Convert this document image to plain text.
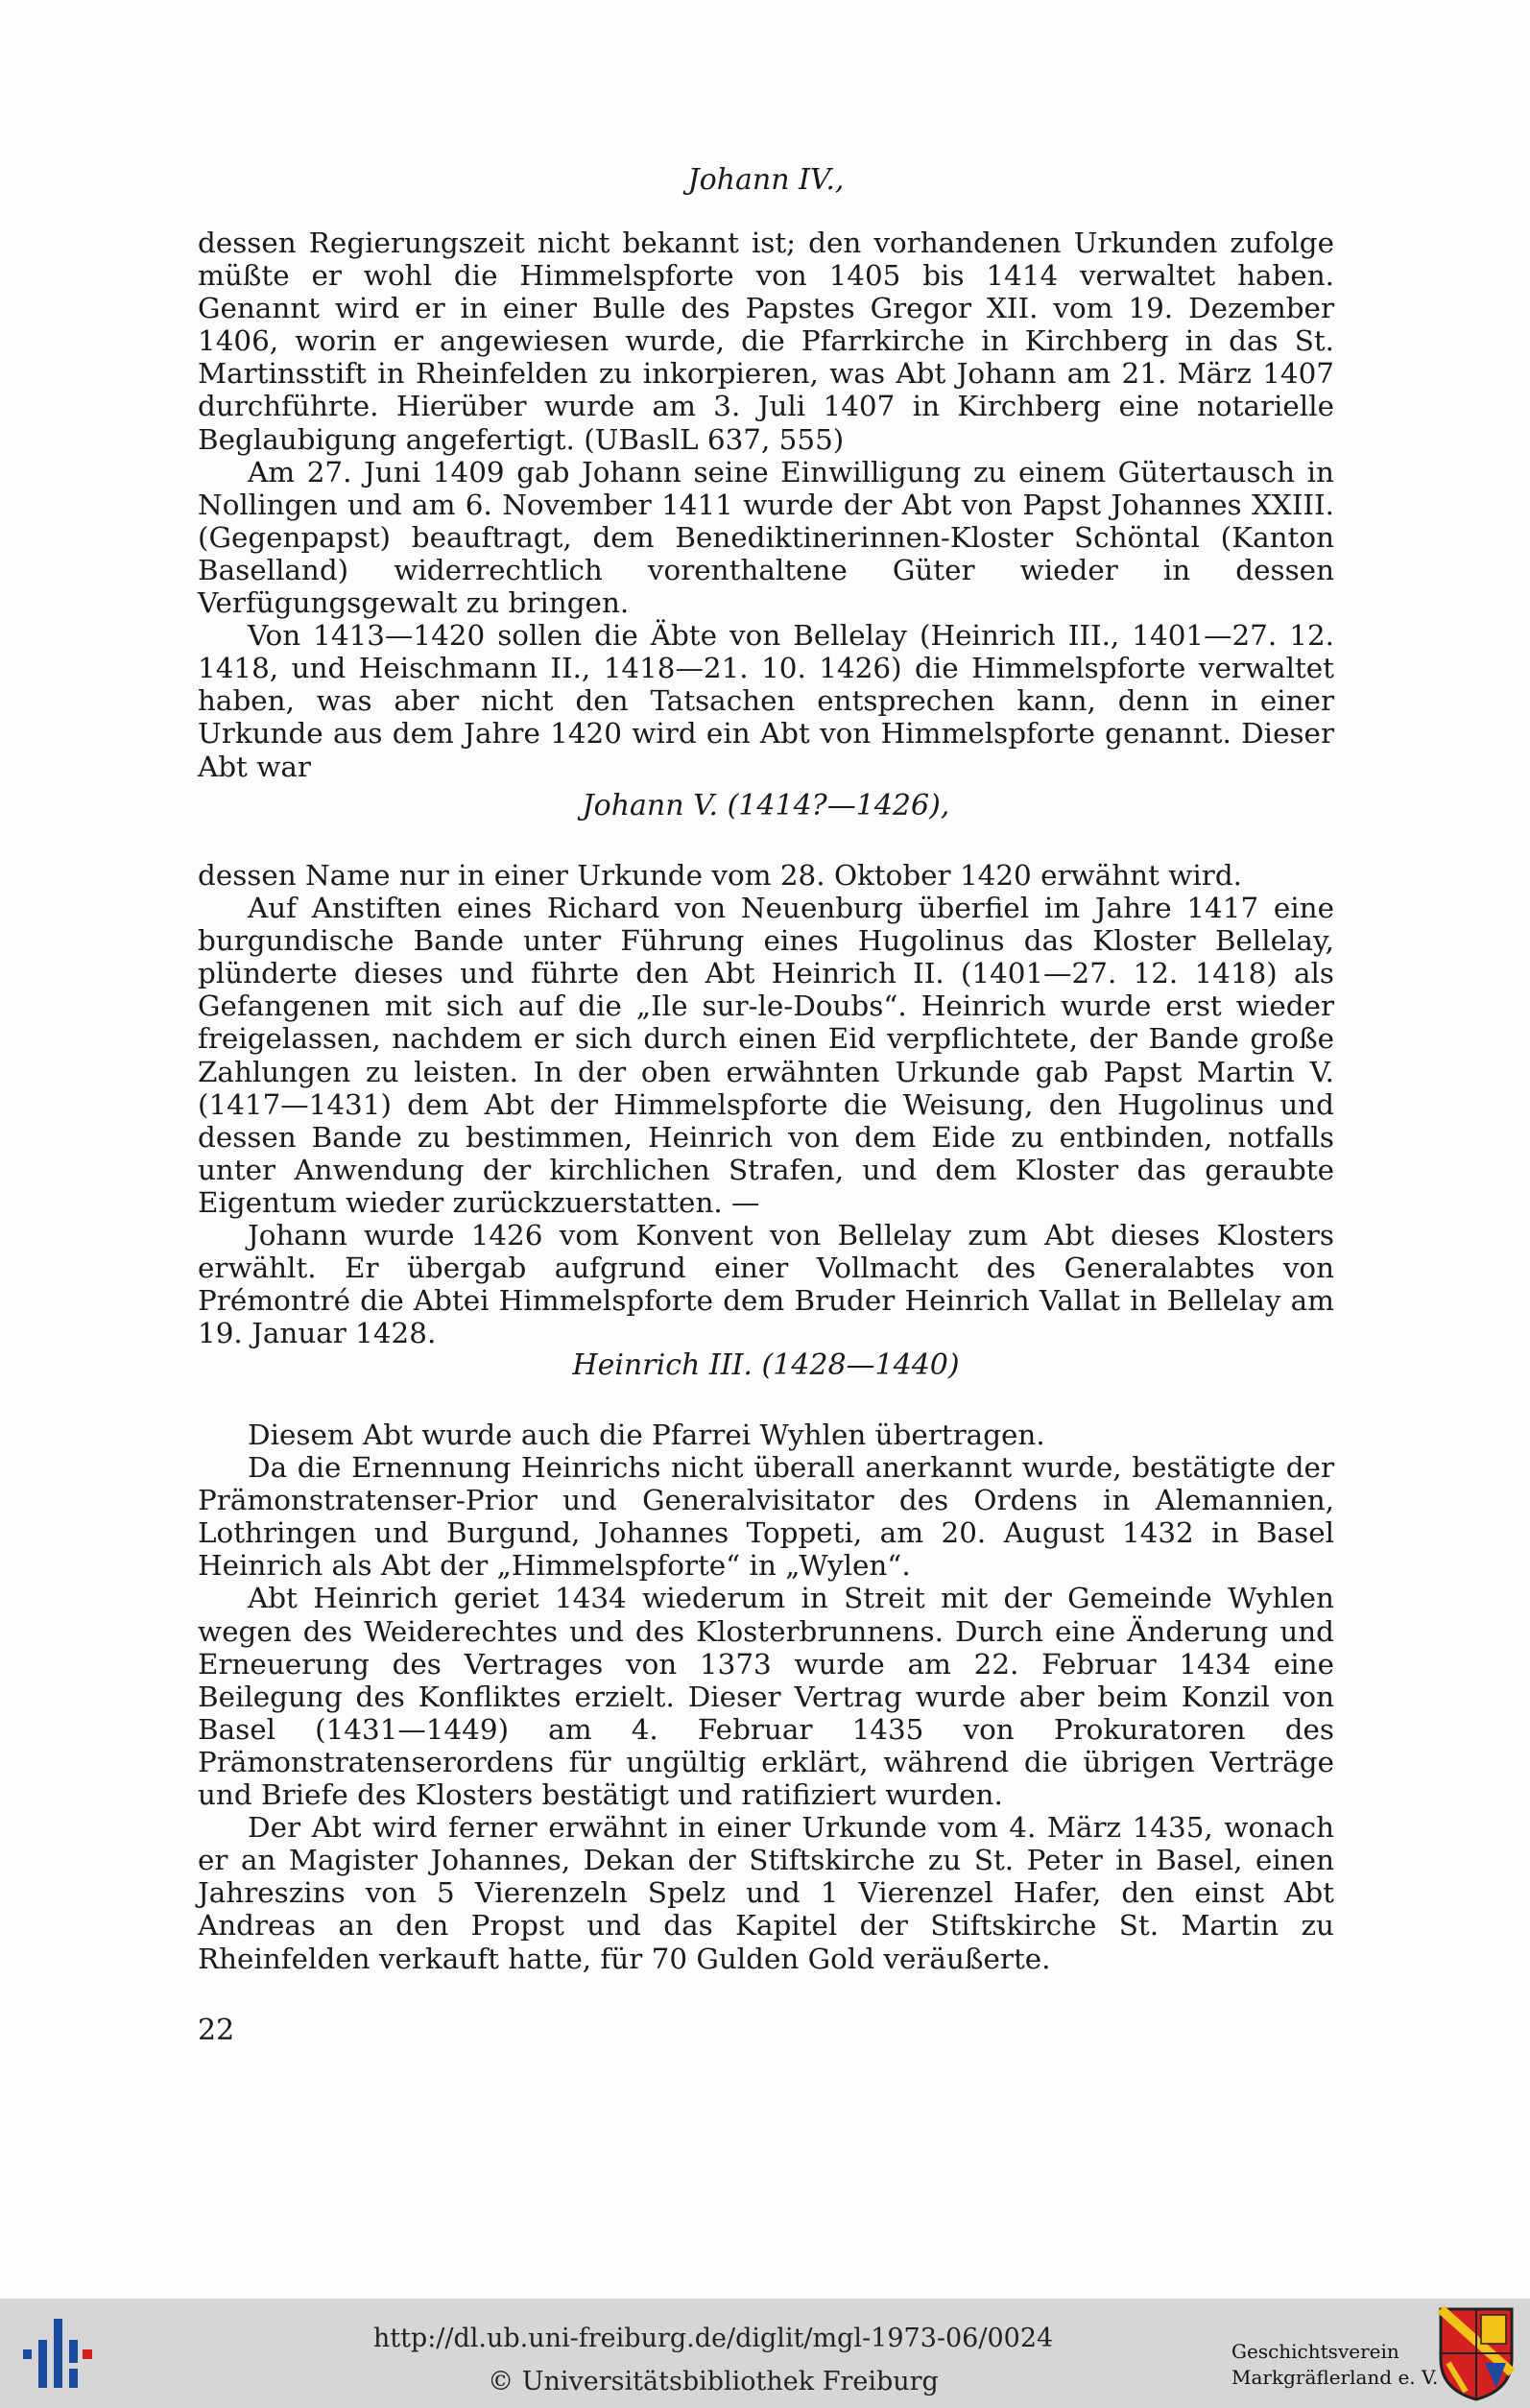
Johann IV.,

dessen Regierungszeit nicht bekannt ist; den vorhandenen Urkunden zufolge müßte er wohl die Himmelspforte von 1405 bis 1414 verwaltet haben. Genannt wird er in einer Bulle des Papstes Gregor XII. vom 19. Dezember 1406, worin er angewiesen wurde, die Pfarrkirche in Kirchberg in das St. Martinsstift in Rheinfelden zu inkorpieren, was Abt Johann am 21. März 1407 durchführte. Hierüber wurde am 3. Juli 1407 in Kirchberg eine notarielle Beglaubigung angefertigt. (UBaslL 637, 555)

Am 27. Juni 1409 gab Johann seine Einwilligung zu einem Gütertausch in Nollingen und am 6. November 1411 wurde der Abt von Papst Johannes XXIII. (Gegenpapst) beauftragt, dem Benediktinerinnen-Kloster Schöntal (Kanton Baselland) widerrechtlich vorenthaltene Güter wieder in dessen Verfügungsgewalt zu bringen.

Von 1413—1420 sollen die Äbte von Bellelay (Heinrich III., 1401—27. 12. 1418, und Heischmann II., 1418—21. 10. 1426) die Himmelspforte verwaltet haben, was aber nicht den Tatsachen entsprechen kann, denn in einer Urkunde aus dem Jahre 1420 wird ein Abt von Himmelspforte genannt. Dieser Abt war

Johann V. (1414?—1426),

dessen Name nur in einer Urkunde vom 28. Oktober 1420 erwähnt wird.

Auf Anstiften eines Richard von Neuenburg überfiel im Jahre 1417 eine burgundische Bande unter Führung eines Hugolinus das Kloster Bellelay, plünderte dieses und führte den Abt Heinrich II. (1401—27. 12. 1418) als Gefangenen mit sich auf die „Ile sur-le-Doubs“. Heinrich wurde erst wieder freigelassen, nachdem er sich durch einen Eid verpflichtete, der Bande große Zahlungen zu leisten. In der oben erwähnten Urkunde gab Papst Martin V. (1417—1431) dem Abt der Himmelspforte die Weisung, den Hugolinus und dessen Bande zu bestimmen, Heinrich von dem Eide zu entbinden, notfalls unter Anwendung der kirchlichen Strafen, und dem Kloster das geraubte Eigentum wieder zurückzuerstatten. —

Johann wurde 1426 vom Konvent von Bellelay zum Abt dieses Klosters erwählt. Er übergab aufgrund einer Vollmacht des Generalabtes von Prémontré die Abtei Himmelspforte dem Bruder Heinrich Vallat in Bellelay am 19. Januar 1428.

Heinrich III. (1428—1440)

Diesem Abt wurde auch die Pfarrei Wyhlen übertragen.

Da die Ernennung Heinrichs nicht überall anerkannt wurde, bestätigte der Prämonstratenser-Prior und Generalvisitator des Ordens in Alemannien, Lothringen und Burgund, Johannes Toppeti, am 20. August 1432 in Basel Heinrich als Abt der „Himmelspforte“ in „Wylen“.

Abt Heinrich geriet 1434 wiederum in Streit mit der Gemeinde Wyhlen wegen des Weiderechtes und des Klosterbrunnens. Durch eine Änderung und Erneuerung des Vertrages von 1373 wurde am 22. Februar 1434 eine Beilegung des Konfliktes erzielt. Dieser Vertrag wurde aber beim Konzil von Basel (1431—1449) am 4. Februar 1435 von Prokuratoren des Prämonstratenserordens für ungültig erklärt, während die übrigen Verträge und Briefe des Klosters bestätigt und ratifiziert wurden.

Der Abt wird ferner erwähnt in einer Urkunde vom 4. März 1435, wonach er an Magister Johannes, Dekan der Stiftskirche zu St. Peter in Basel, einen Jahreszins von 5 Vierenzeln Spelz und 1 Vierenzel Hafer, den einst Abt Andreas an den Propst und das Kapitel der Stiftskirche St. Martin zu Rheinfelden verkauft hatte, für 70 Gulden Gold veräußerte.

22
http://dl.ub.uni-freiburg.de/diglit/mgl-1973-06/0024
© Universitätsbibliothek Freiburg
Geschichtsverein
Markgräflerland e. V.
